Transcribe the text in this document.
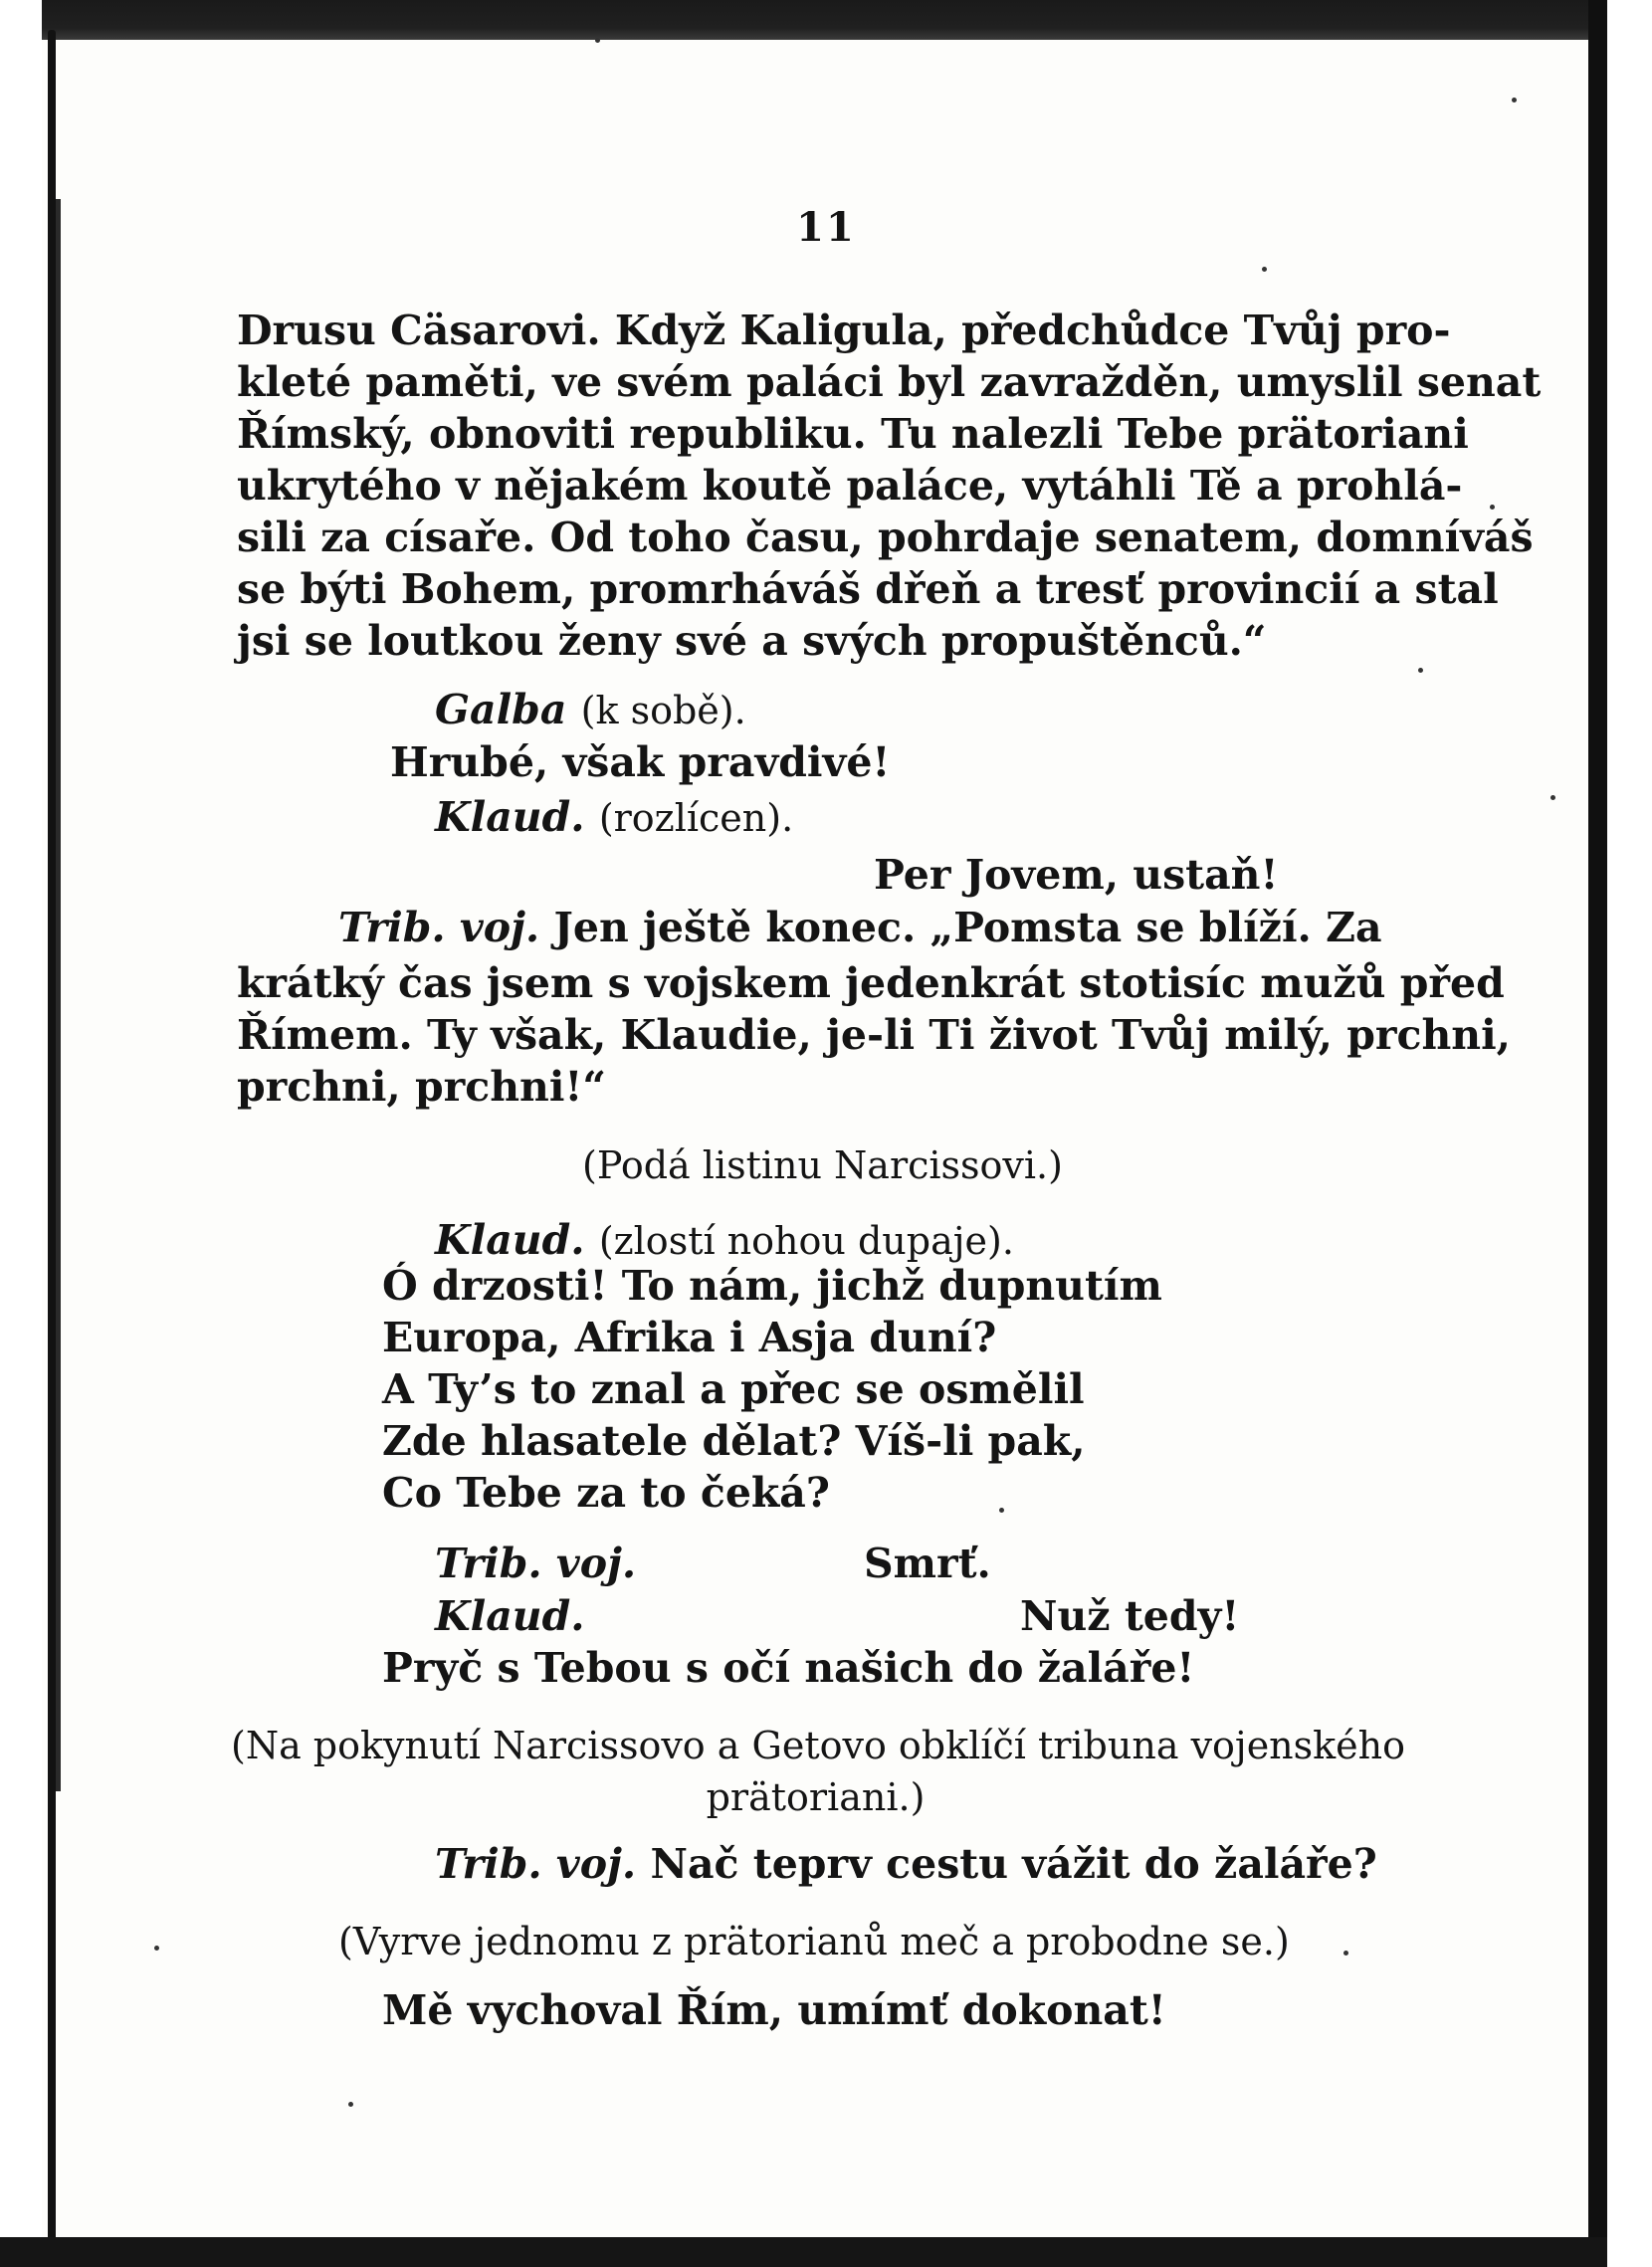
11
Drusu Cäsarovi. Když Kaligula, předchůdce Tvůj pro-
kleté paměti, ve svém paláci byl zavražděn, umyslil senat
Římský, obnoviti republiku. Tu nalezli Tebe prätoriani
ukrytého v nějakém koutě paláce, vytáhli Tě a prohlá-
sili za císaře. Od toho času, pohrdaje senatem, domníváš
se býti Bohem, promrháváš dřeň a tresť provincií a stal
jsi se loutkou ženy své a svých propuštěnců.“
Galba (k sobě).
Hrubé, však pravdivé!
Klaud. (rozlícen).
Per Jovem, ustaň!
Trib. voj. Jen ještě konec. „Pomsta se blíží. Za
krátký čas jsem s vojskem jedenkrát stotisíc mužů před
Římem. Ty však, Klaudie, je-li Ti život Tvůj milý, prchni,
prchni, prchni!“
(Podá listinu Narcissovi.)
Klaud. (zlostí nohou dupaje).
Ó drzosti! To nám, jichž dupnutím
Europa, Afrika i Asja duní?
A Ty’s to znal a přec se osmělil
Zde hlasatele dělat? Víš-li pak,
Co Tebe za to čeká?
Trib. voj.	Smrť.
Klaud.	Nuž tedy!
Pryč s Tebou s očí našich do žaláře!
(Na pokynutí Narcissovo a Getovo obklíčí tribuna vojenského
prätoriani.)
Trib. voj. Nač teprv cestu vážit do žaláře?
(Vyrve jednomu z prätorianů meč a probodne se.)
Mě vychoval Řím, umímť dokonat!
